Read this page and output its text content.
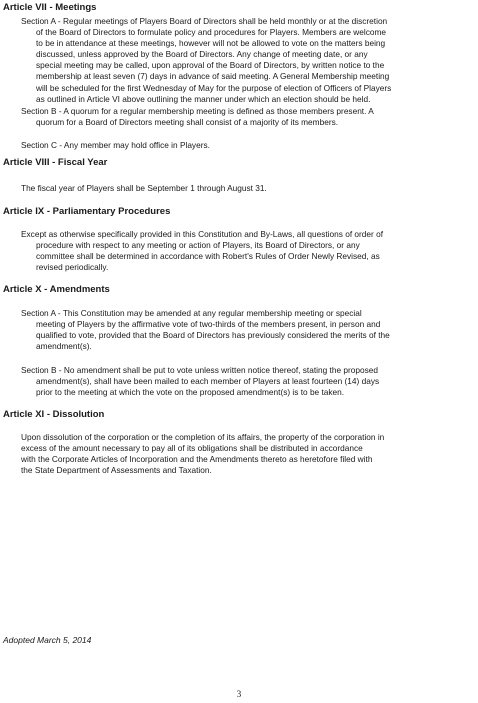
Article VII - Meetings
Section A - Regular meetings of Players Board of Directors shall be held monthly or at the discretion
of the Board of Directors to formulate policy and procedures for Players. Members are welcome
to be in attendance at these meetings, however will not be allowed to vote on the matters being
discussed, unless approved by the Board of Directors. Any change of meeting date, or any
special meeting may be called, upon approval of the Board of Directors, by written notice to the
membership at least seven (7) days in advance of said meeting. A General Membership meeting
will be scheduled for the first Wednesday of May for the purpose of election of Officers of Players
as outlined in Article VI above outlining the manner under which an election should be held.
Section B - A quorum for a regular membership meeting is defined as those members present. A
quorum for a Board of Directors meeting shall consist of a majority of its members.
Section C - Any member may hold office in Players.
Article VIII - Fiscal Year
The fiscal year of Players shall be September 1 through August 31.
Article IX - Parliamentary Procedures
Except as otherwise specifically provided in this Constitution and By-Laws, all questions of order of
procedure with respect to any meeting or action of Players, its Board of Directors, or any
committee shall be determined in accordance with Robert's Rules of Order Newly Revised, as
revised periodically.
Article X - Amendments
Section A - This Constitution may be amended at any regular membership meeting or special
meeting of Players by the affirmative vote of two-thirds of the members present, in person and
qualified to vote, provided that the Board of Directors has previously considered the merits of the
amendment(s).
Section B - No amendment shall be put to vote unless written notice thereof, stating the proposed
amendment(s), shall have been mailed to each member of Players at least fourteen (14) days
prior to the meeting at which the vote on the proposed amendment(s) is to be taken.
Article XI - Dissolution
Upon dissolution of the corporation or the completion of its affairs, the property of the corporation in
excess of the amount necessary to pay all of its obligations shall be distributed in accordance
with the Corporate Articles of Incorporation and the Amendments thereto as heretofore filed with
the State Department of Assessments and Taxation.
Adopted March 5, 2014
3
